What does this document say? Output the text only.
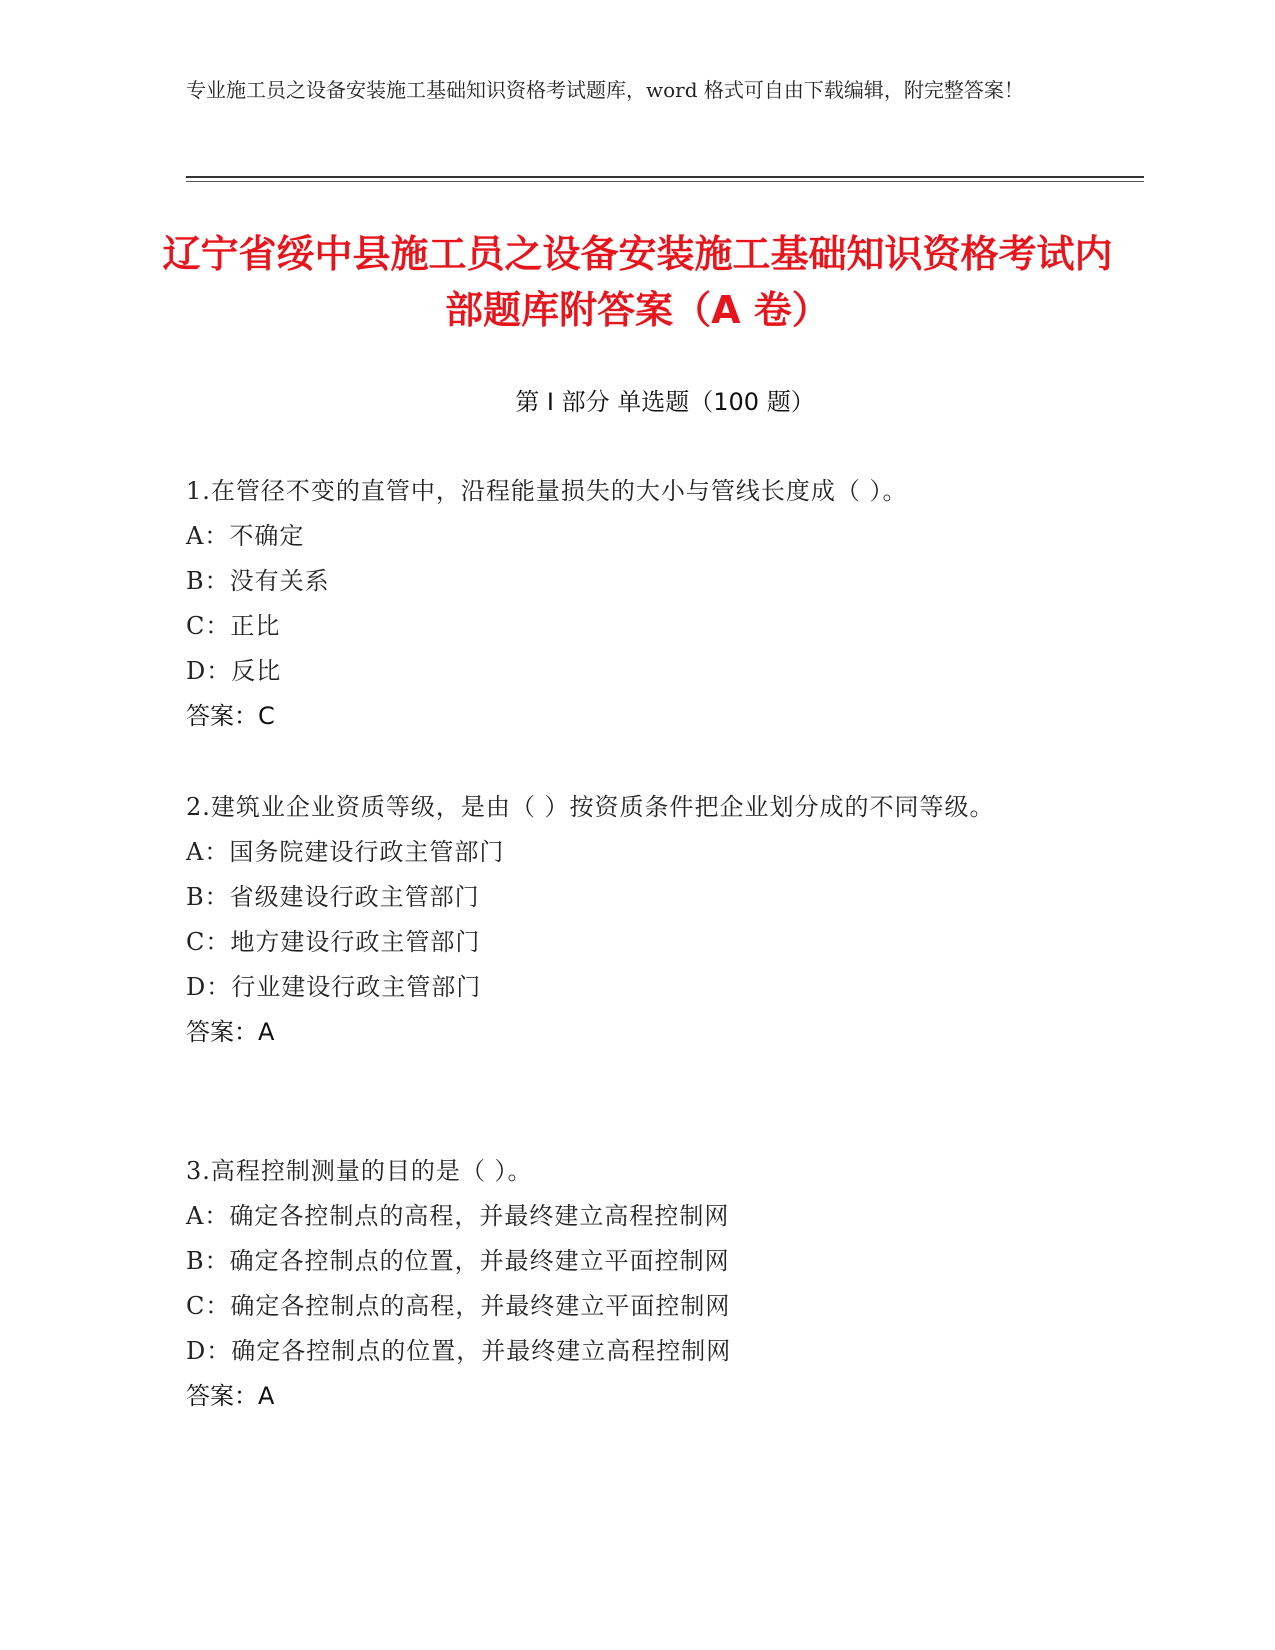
专业施工员之设备安装施工基础知识资格考试题库，word 格式可自由下载编辑，附完整答案！
辽宁省绥中县施工员之设备安装施工基础知识资格考试内部题库附答案（A 卷）
第 I 部分 单选题（100 题）
1.在管径不变的直管中，沿程能量损失的大小与管线长度成（ ）。
A：不确定
B：没有关系
C：正比
D：反比
答案：C
2.建筑业企业资质等级，是由（ ）按资质条件把企业划分成的不同等级。
A：国务院建设行政主管部门
B：省级建设行政主管部门
C：地方建设行政主管部门
D：行业建设行政主管部门
答案：A
3.高程控制测量的目的是（ ）。
A：确定各控制点的高程，并最终建立高程控制网
B：确定各控制点的位置，并最终建立平面控制网
C：确定各控制点的高程，并最终建立平面控制网
D：确定各控制点的位置，并最终建立高程控制网
答案：A
